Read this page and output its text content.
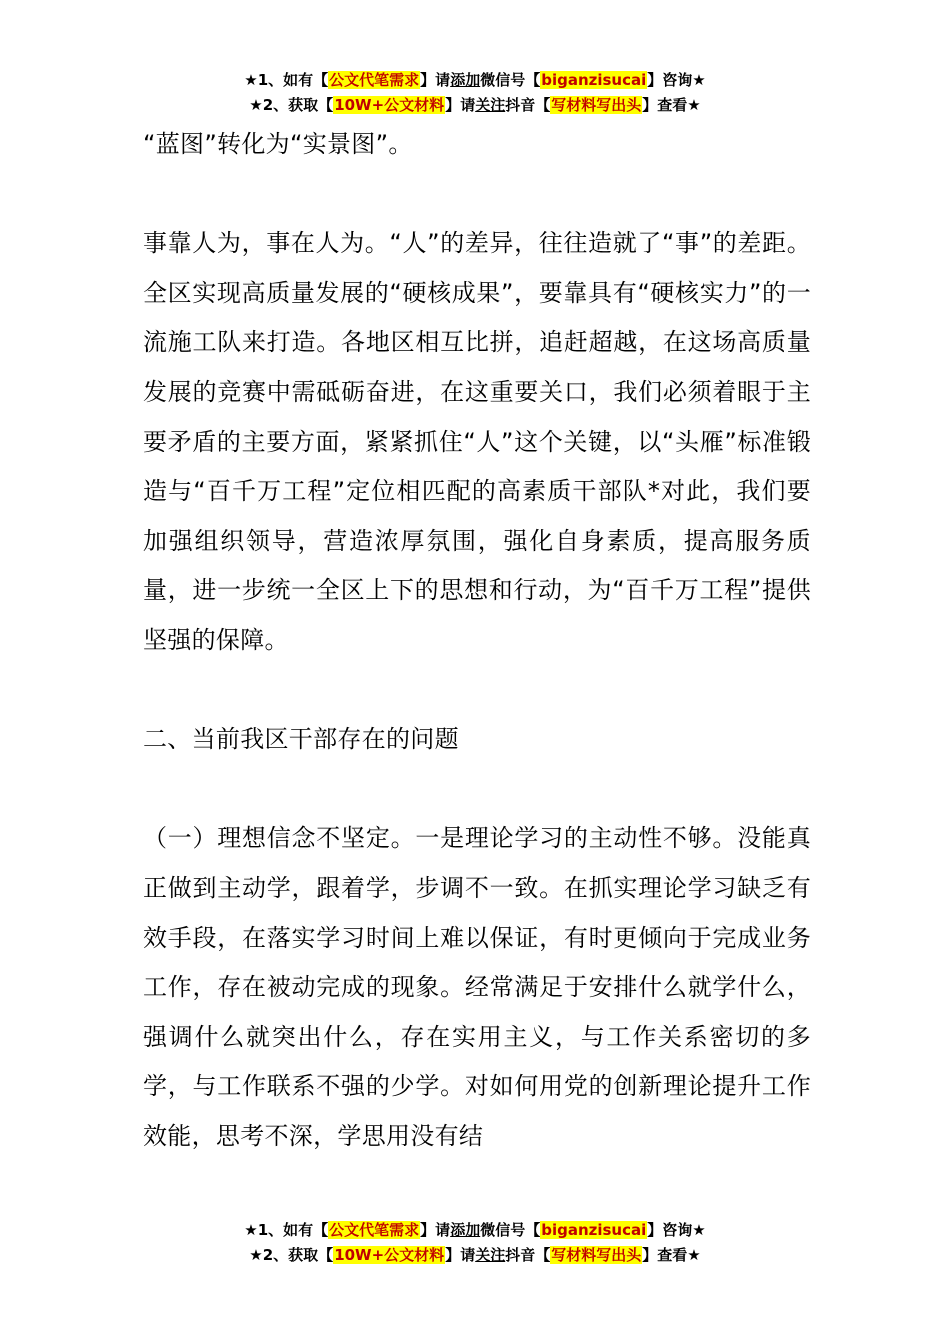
★1、如有【公文代笔需求】请添加微信号【biganzisucai】咨询★
★2、获取【10W+公文材料】请关注抖音【写材料写出头】查看★

“蓝图”转化为“实景图”。

事靠人为，事在人为。“人”的差异，往往造就了“事”的差距。全区实现高质量发展的“硬核成果”，要靠具有“硬核实力”的一流施工队来打造。各地区相互比拼，追赶超越，在这场高质量发展的竞赛中需砥砺奋进，在这重要关口，我们必须着眼于主要矛盾的主要方面，紧紧抓住“人”这个关键，以“头雁”标准锻造与“百千万工程”定位相匹配的高素质干部队*对此，我们要加强组织领导，营造浓厚氛围，强化自身素质，提高服务质量，进一步统一全区上下的思想和行动，为“百千万工程”提供坚强的保障。

二、当前我区干部存在的问题

（一）理想信念不坚定。一是理论学习的主动性不够。没能真正做到主动学，跟着学，步调不一致。在抓实理论学习缺乏有效手段，在落实学习时间上难以保证，有时更倾向于完成业务工作，存在被动完成的现象。经常满足于安排什么就学什么，强调什么就突出什么，存在实用主义，与工作关系密切的多学，与工作联系不强的少学。对如何用党的创新理论提升工作效能，思考不深，学思用没有结

★1、如有【公文代笔需求】请添加微信号【biganzisucai】咨询★
★2、获取【10W+公文材料】请关注抖音【写材料写出头】查看★
